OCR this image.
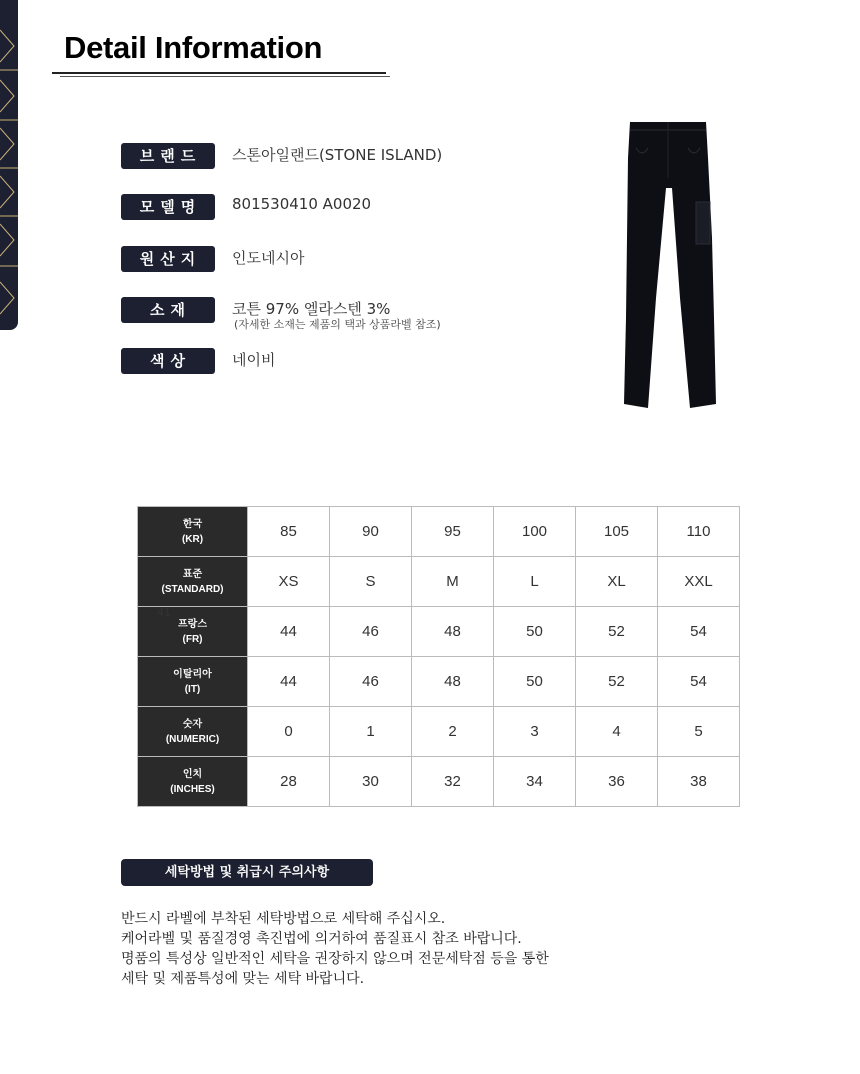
Detail Information
브랜드	스톤아일랜드(STONE ISLAND)
모델명	801530410 A0020
원산지	인도네시아
소재	코튼 97% 엘라스텐 3%
(자세한 소재는 제품의 택과 상품라벨 참조)
색상	네이비
한국
(KR)	85	90	95	100	105	110
표준
(STANDARD)	XS	S	M	L	XL	XXL
프랑스
(FR)	44	46	48	50	52	54
이탈리아
(IT)	44	46	48	50	52	54
숫자
(NUMERIC)	0	1	2	3	4	5
인치
(INCHES)	28	30	32	34	36	38
41
세탁방법 및 취급시 주의사항
반드시 라벨에 부착된 세탁방법으로 세탁해 주십시오.
케어라벨 및 품질경영 촉진법에 의거하여 품질표시 참조 바랍니다.
명품의 특성상 일반적인 세탁을 권장하지 않으며 전문세탁점 등을 통한
세탁 및 제품특성에 맞는 세탁 바랍니다.
